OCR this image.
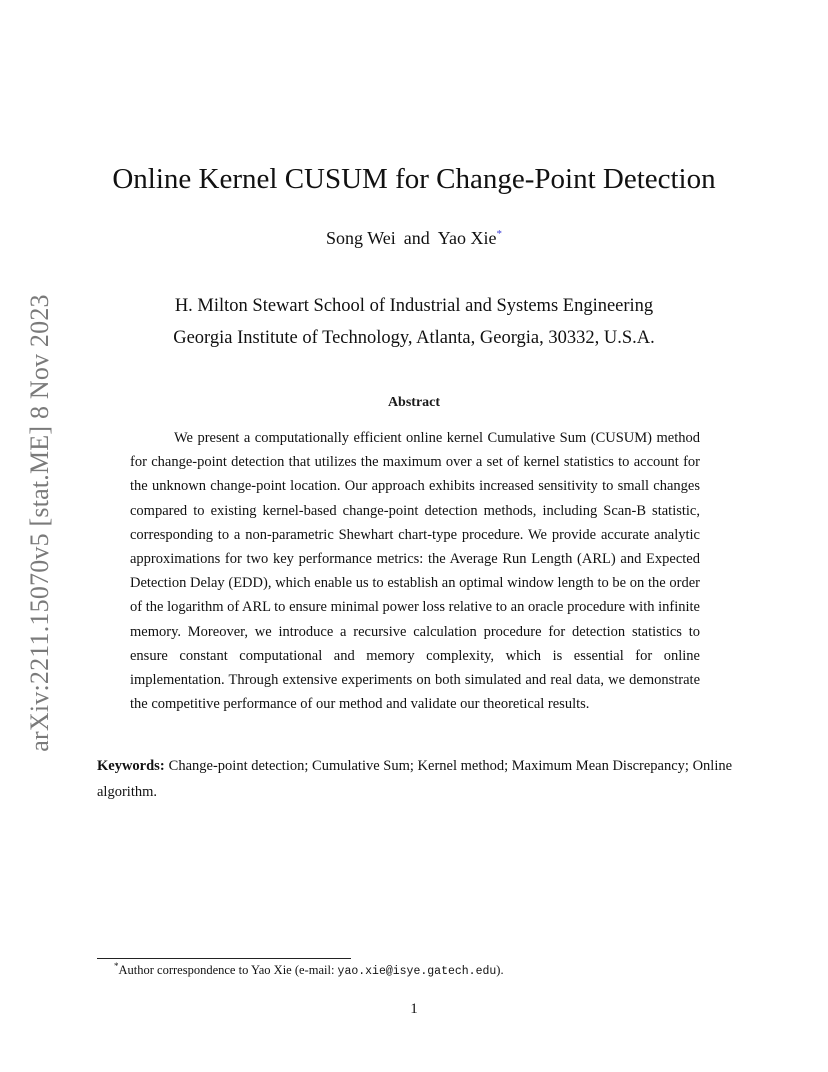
arXiv:2211.15070v5 [stat.ME] 8 Nov 2023
Online Kernel CUSUM for Change-Point Detection
Song Wei and Yao Xie*
H. Milton Stewart School of Industrial and Systems Engineering
Georgia Institute of Technology, Atlanta, Georgia, 30332, U.S.A.
Abstract
We present a computationally efficient online kernel Cumulative Sum (CUSUM) method for change-point detection that utilizes the maximum over a set of kernel statistics to account for the unknown change-point location. Our approach exhibits increased sensitivity to small changes compared to existing kernel-based change-point detection methods, including Scan-B statistic, corresponding to a non-parametric Shewhart chart-type procedure. We provide accurate analytic approximations for two key performance metrics: the Average Run Length (ARL) and Expected Detection Delay (EDD), which enable us to establish an optimal window length to be on the order of the logarithm of ARL to ensure minimal power loss relative to an oracle procedure with infinite memory. Moreover, we introduce a recursive calculation procedure for detection statistics to ensure constant computational and memory complexity, which is essential for online implementation. Through extensive experiments on both simulated and real data, we demonstrate the competitive performance of our method and validate our theoretical results.
Keywords: Change-point detection; Cumulative Sum; Kernel method; Maximum Mean Discrepancy; Online algorithm.
*Author correspondence to Yao Xie (e-mail: yao.xie@isye.gatech.edu).
1
